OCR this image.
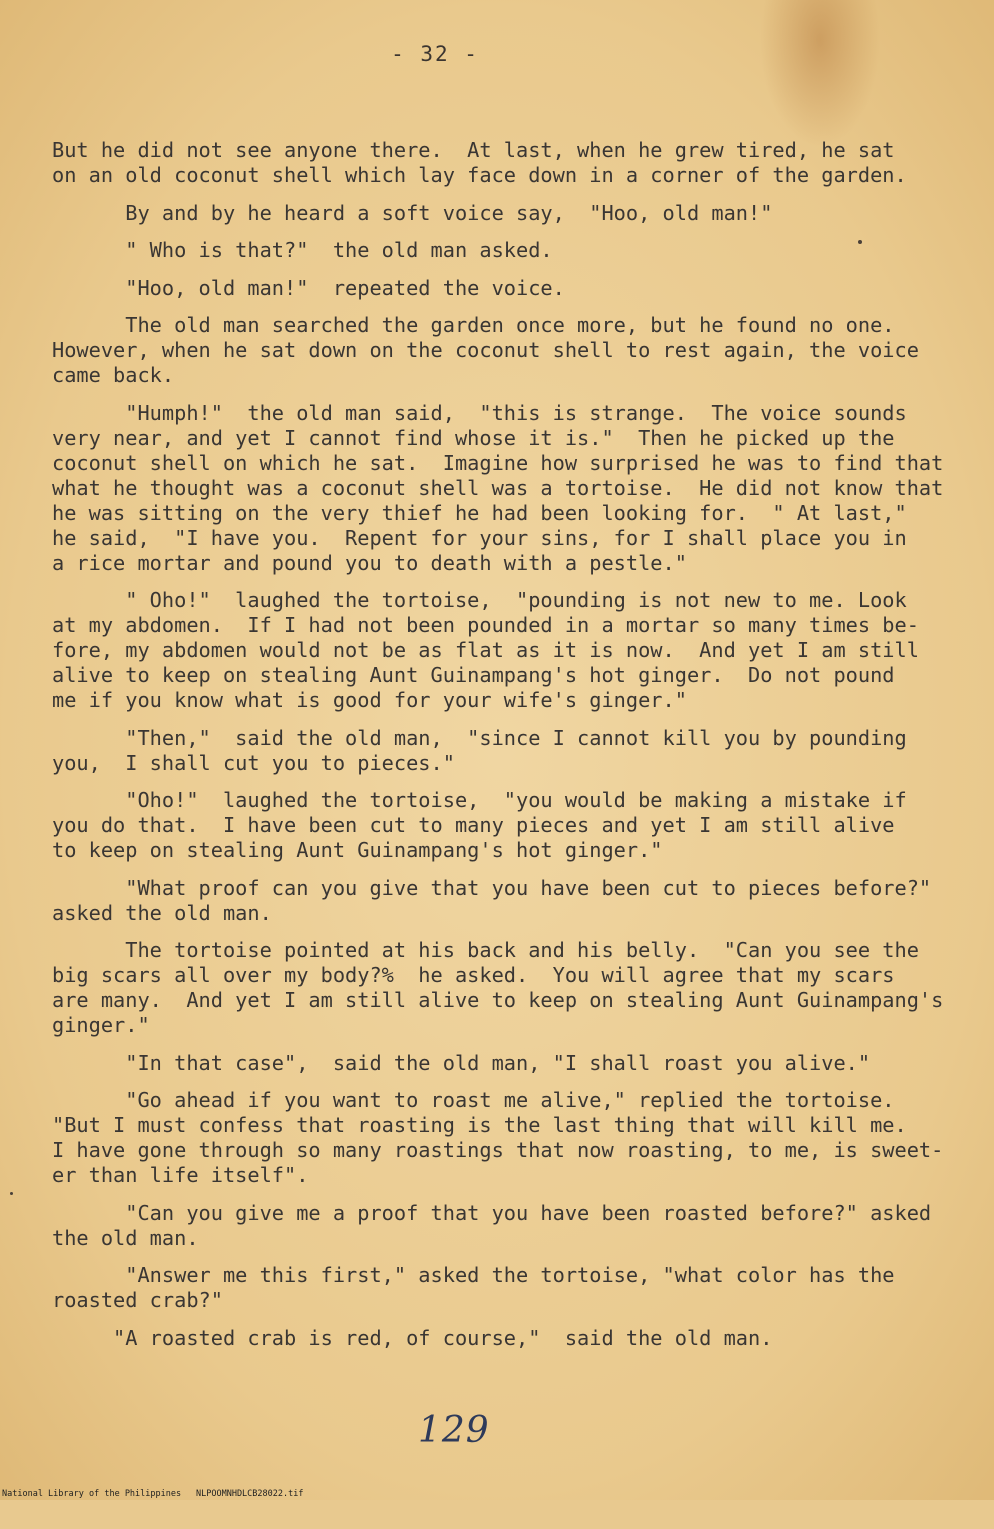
- 32 -
But he did not see anyone there.  At last, when he grew tired, he sat
on an old coconut shell which lay face down in a corner of the garden.
By and by he heard a soft voice say,  "Hoo, old man!"
" Who is that?"  the old man asked.
"Hoo, old man!"  repeated the voice.
The old man searched the garden once more, but he found no one.
However, when he sat down on the coconut shell to rest again, the voice
came back.
"Humph!"  the old man said,  "this is strange.  The voice sounds
very near, and yet I cannot find whose it is."  Then he picked up the
coconut shell on which he sat.  Imagine how surprised he was to find that
what he thought was a coconut shell was a tortoise.  He did not know that
he was sitting on the very thief he had been looking for.  " At last,"
he said,  "I have you.  Repent for your sins, for I shall place you in
a rice mortar and pound you to death with a pestle."
" Oho!"  laughed the tortoise,  "pounding is not new to me. Look
at my abdomen.  If I had not been pounded in a mortar so many times be-
fore, my abdomen would not be as flat as it is now.  And yet I am still
alive to keep on stealing Aunt Guinampang's hot ginger.  Do not pound
me if you know what is good for your wife's ginger."
"Then,"  said the old man,  "since I cannot kill you by pounding
you,  I shall cut you to pieces."
"Oho!"  laughed the tortoise,  "you would be making a mistake if
you do that.  I have been cut to many pieces and yet I am still alive
to keep on stealing Aunt Guinampang's hot ginger."
"What proof can you give that you have been cut to pieces before?"
asked the old man.
The tortoise pointed at his back and his belly.  "Can you see the
big scars all over my body?%  he asked.  You will agree that my scars
are many.  And yet I am still alive to keep on stealing Aunt Guinampang's
ginger."
"In that case",  said the old man, "I shall roast you alive."
"Go ahead if you want to roast me alive," replied the tortoise.
"But I must confess that roasting is the last thing that will kill me.
I have gone through so many roastings that now roasting, to me, is sweet-
er than life itself".
"Can you give me a proof that you have been roasted before?" asked
the old man.
"Answer me this first," asked the tortoise, "what color has the
roasted crab?"
"A roasted crab is red, of course,"  said the old man.
129

National Library of the Philippines

NLPOOMNHDLCB28022.tif
